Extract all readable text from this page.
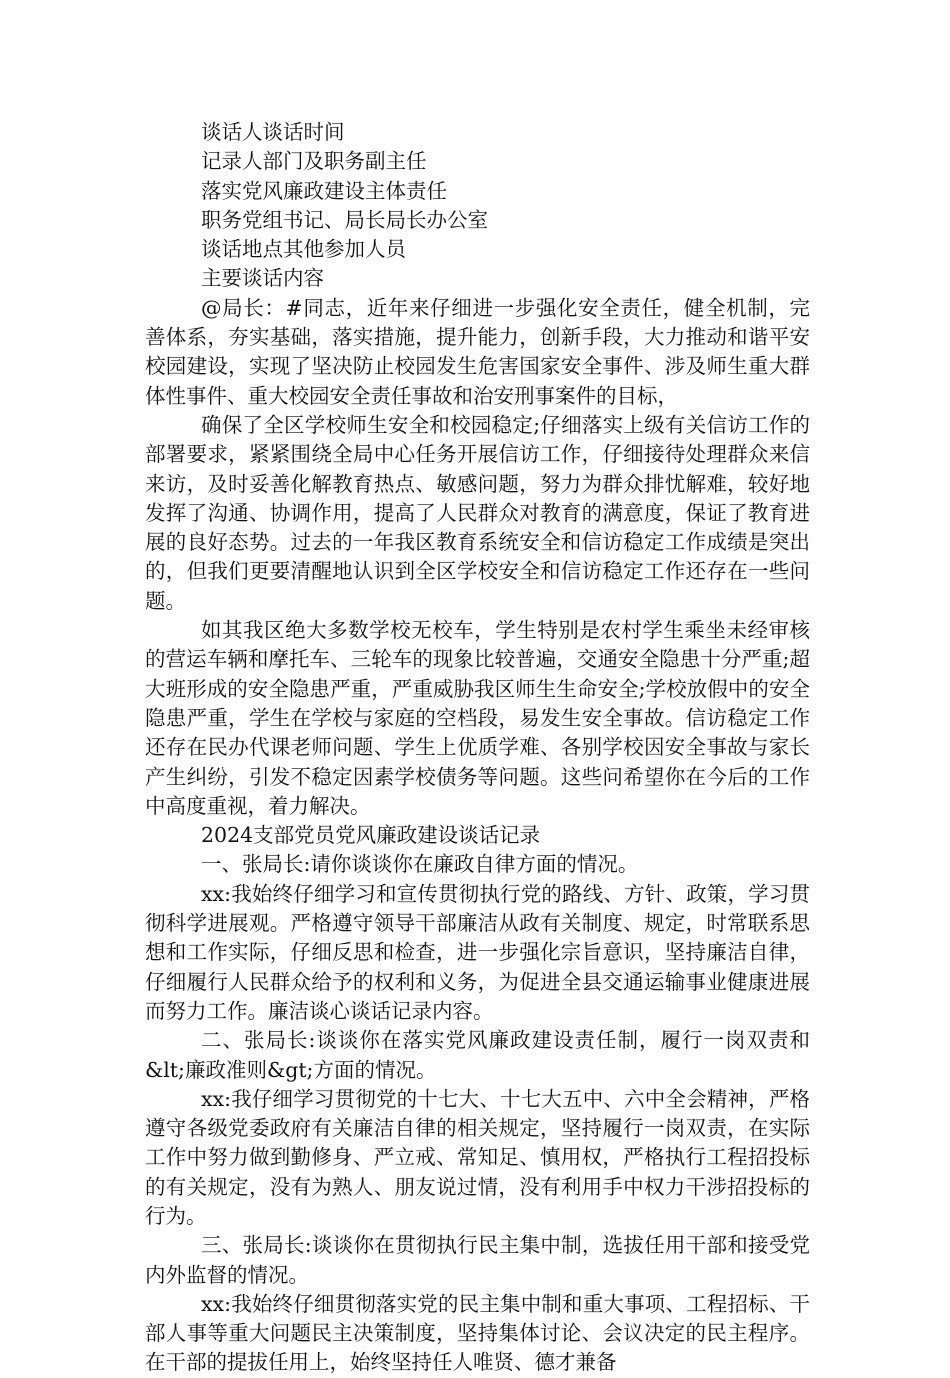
谈话人谈话时间
记录人部门及职务副主任
落实党风廉政建设主体责任
职务党组书记、局长局长办公室
谈话地点其他参加人员
主要谈话内容

@局长：#同志，近年来仔细进一步强化安全责任，健全机制，完善体系，夯实基础，落实措施，提升能力，创新手段，大力推动和谐平安校园建设，实现了坚决防止校园发生危害国家安全事件、涉及师生重大群体性事件、重大校园安全责任事故和治安刑事案件的目标，

确保了全区学校师生安全和校园稳定;仔细落实上级有关信访工作的部署要求，紧紧围绕全局中心任务开展信访工作，仔细接待处理群众来信来访，及时妥善化解教育热点、敏感问题，努力为群众排忧解难，较好地发挥了沟通、协调作用，提高了人民群众对教育的满意度，保证了教育进展的良好态势。过去的一年我区教育系统安全和信访稳定工作成绩是突出的，但我们更要清醒地认识到全区学校安全和信访稳定工作还存在一些问题。

如其我区绝大多数学校无校车，学生特别是农村学生乘坐未经审核的营运车辆和摩托车、三轮车的现象比较普遍，交通安全隐患十分严重;超大班形成的安全隐患严重，严重威胁我区师生生命安全;学校放假中的安全隐患严重，学生在学校与家庭的空档段，易发生安全事故。信访稳定工作还存在民办代课老师问题、学生上优质学难、各别学校因安全事故与家长产生纠纷，引发不稳定因素学校债务等问题。这些问希望你在今后的工作中高度重视，着力解决。

2024支部党员党风廉政建设谈话记录

一、张局长:请你谈谈你在廉政自律方面的情况。

xx:我始终仔细学习和宣传贯彻执行党的路线、方针、政策，学习贯彻科学进展观。严格遵守领导干部廉洁从政有关制度、规定，时常联系思想和工作实际，仔细反思和检查，进一步强化宗旨意识，坚持廉洁自律，仔细履行人民群众给予的权利和义务，为促进全县交通运输事业健康进展而努力工作。廉洁谈心谈话记录内容。

二、张局长:谈谈你在落实党风廉政建设责任制，履行一岗双责和&lt;廉政准则&gt;方面的情况。

xx:我仔细学习贯彻党的十七大、十七大五中、六中全会精神，严格遵守各级党委政府有关廉洁自律的相关规定，坚持履行一岗双责，在实际工作中努力做到勤修身、严立戒、常知足、慎用权，严格执行工程招投标的有关规定，没有为熟人、朋友说过情，没有利用手中权力干涉招投标的行为。

三、张局长:谈谈你在贯彻执行民主集中制，选拔任用干部和接受党内外监督的情况。

xx:我始终仔细贯彻落实党的民主集中制和重大事项、工程招标、干部人事等重大问题民主决策制度，坚持集体讨论、会议决定的民主程序。在干部的提拔任用上，始终坚持任人唯贤、德才兼备
